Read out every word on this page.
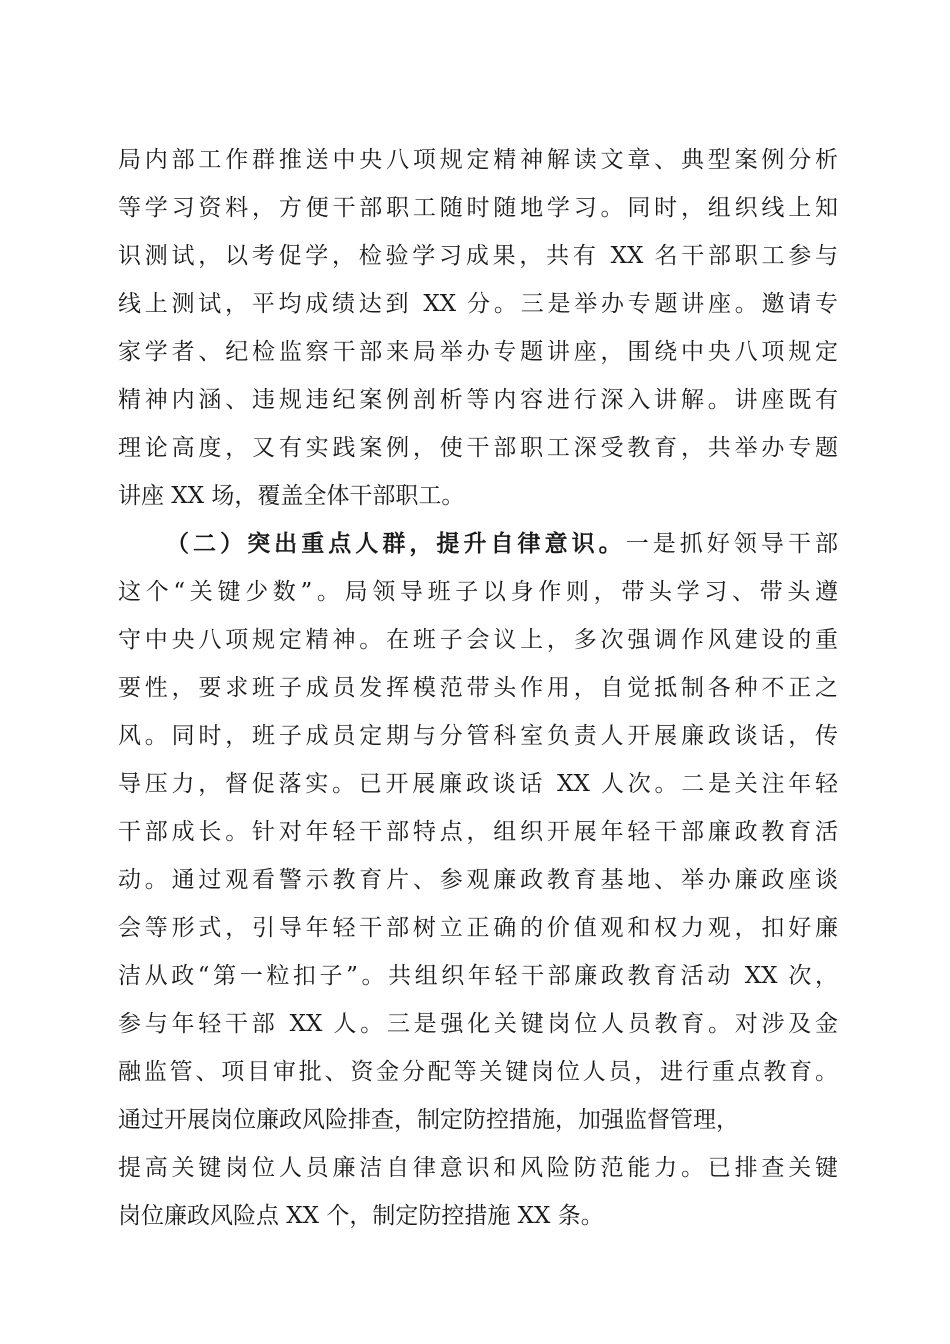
局内部工作群推送中央八项规定精神解读文章、典型案例分析
等学习资料，方便干部职工随时随地学习。同时，组织线上知
识测试，以考促学，检验学习成果，共有 XX 名干部职工参与
线上测试，平均成绩达到 XX 分。三是举办专题讲座。邀请专
家学者、纪检监察干部来局举办专题讲座，围绕中央八项规定
精神内涵、违规违纪案例剖析等内容进行深入讲解。讲座既有
理论高度，又有实践案例，使干部职工深受教育，共举办专题
讲座 XX 场，覆盖全体干部职工。
（二）突出重点人群，提升自律意识。一是抓好领导干部
这个“关键少数”。局领导班子以身作则，带头学习、带头遵
守中央八项规定精神。在班子会议上，多次强调作风建设的重
要性，要求班子成员发挥模范带头作用，自觉抵制各种不正之
风。同时，班子成员定期与分管科室负责人开展廉政谈话，传
导压力，督促落实。已开展廉政谈话 XX 人次。二是关注年轻
干部成长。针对年轻干部特点，组织开展年轻干部廉政教育活
动。通过观看警示教育片、参观廉政教育基地、举办廉政座谈
会等形式，引导年轻干部树立正确的价值观和权力观，扣好廉
洁从政“第一粒扣子”。共组织年轻干部廉政教育活动 XX 次，
参与年轻干部 XX 人。三是强化关键岗位人员教育。对涉及金
融监管、项目审批、资金分配等关键岗位人员，进行重点教育。
通过开展岗位廉政风险排查，制定防控措施，加强监督管理，
提高关键岗位人员廉洁自律意识和风险防范能力。已排查关键
岗位廉政风险点 XX 个，制定防控措施 XX 条。
